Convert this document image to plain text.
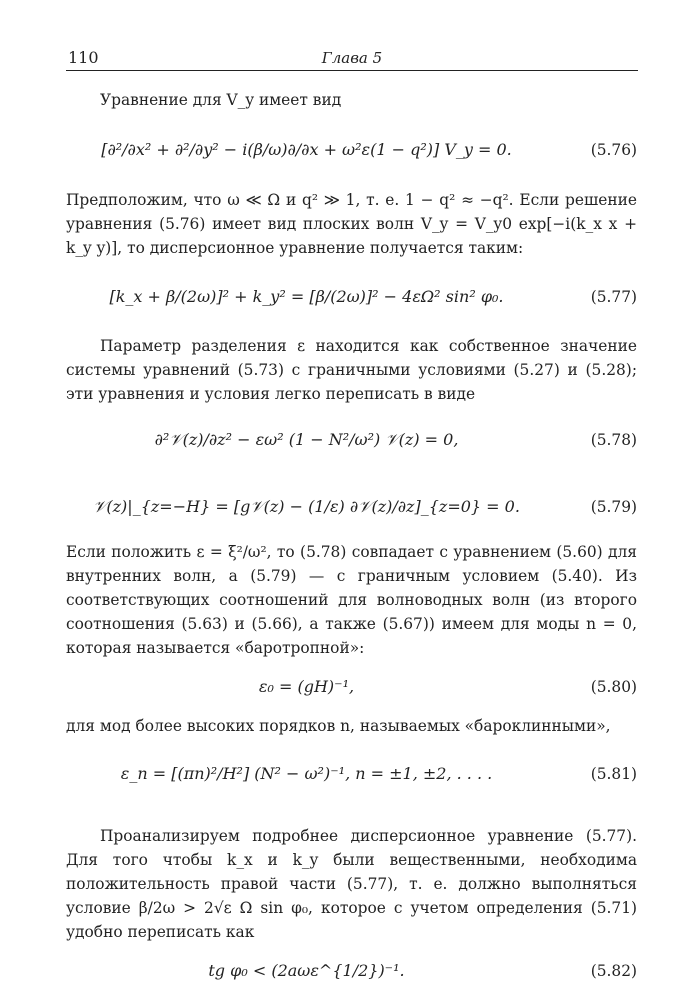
110	Глава 5

Уравнение для V_y имеет вид

[∂²/∂x² + ∂²/∂y² − i(β/ω)∂/∂x + ω²ε(1 − q²)] V_y = 0.	(5.76)

Предположим, что ω ≪ Ω и q² ≫ 1, т. е. 1 − q² ≈ −q². Если решение уравнения (5.76) имеет вид плоских волн V_y = V_y0 exp[−i(k_x x + k_y y)], то дисперсионное уравнение получается таким:

[k_x + β/(2ω)]² + k_y² = [β/(2ω)]² − 4εΩ² sin² φ₀.	(5.77)

Параметр разделения ε находится как собственное значение системы уравнений (5.73) с граничными условиями (5.27) и (5.28); эти уравнения и условия легко переписать в виде

∂²𝒱(z)/∂z² − εω² (1 − N²/ω²) 𝒱(z) = 0,	(5.78)
𝒱(z)|_{z=−H} = [g𝒱(z) − (1/ε) ∂𝒱(z)/∂z]_{z=0} = 0.	(5.79)

Если положить ε = ξ²/ω², то (5.78) совпадает с уравнением (5.60) для внутренних волн, а (5.79) — с граничным условием (5.40). Из соответствующих соотношений для волноводных волн (из второго соотношения (5.63) и (5.66), а также (5.67)) имеем для моды n = 0, которая называется «баротропной»:

ε₀ = (gH)⁻¹,	(5.80)

для мод более высоких порядков n, называемых «бароклинными»,

ε_n = [(πn)²/H²] (N² − ω²)⁻¹, n = ±1, ±2, . . . .	(5.81)

Проанализируем подробнее дисперсионное уравнение (5.77). Для того чтобы k_x и k_y были вещественными, необходима положительность правой части (5.77), т. е. должно выполняться условие β/2ω > 2√ε Ω sin φ₀, которое с учетом определения (5.71) удобно переписать как

tg φ₀ < (2aωε^{1/2})⁻¹.	(5.82)
